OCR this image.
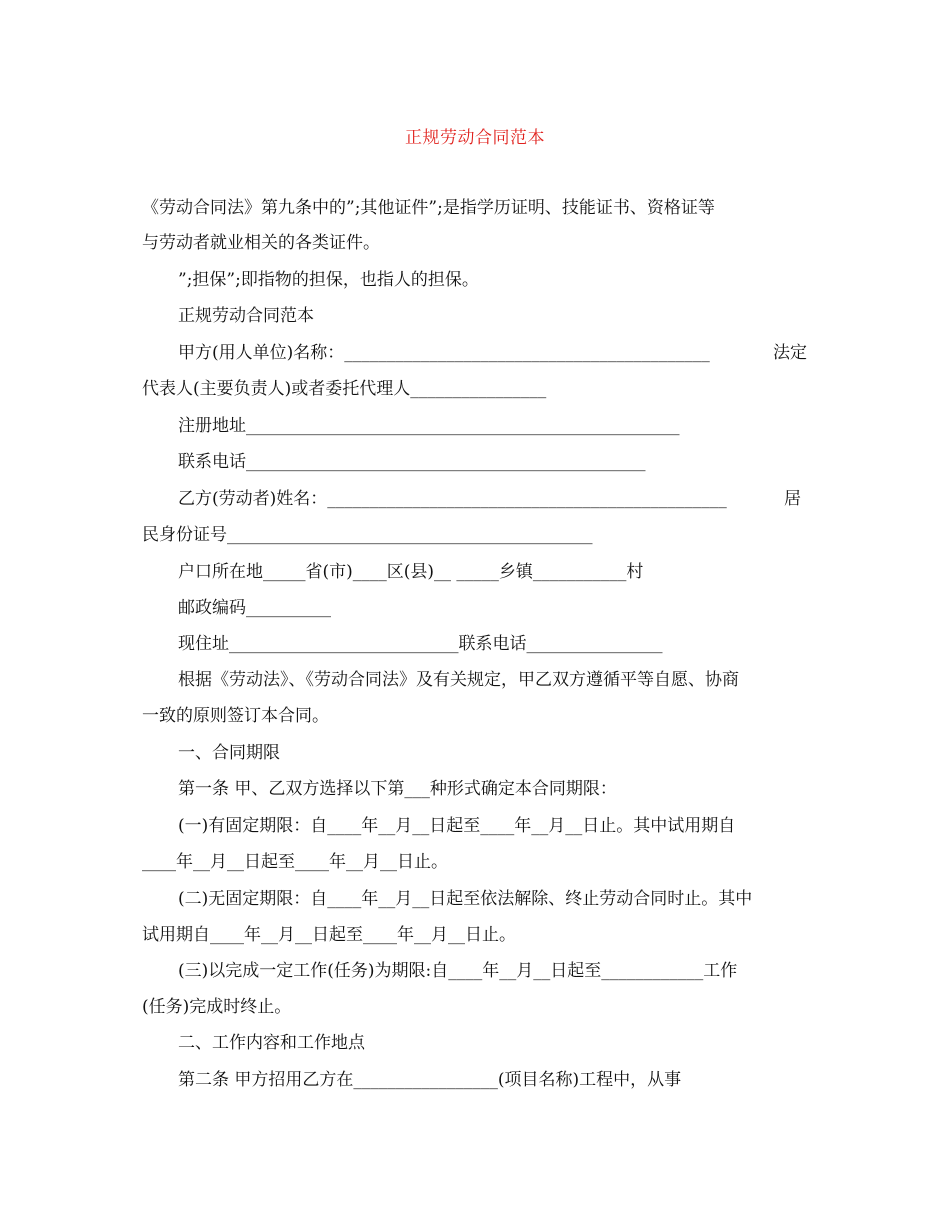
正规劳动合同范本
《劳动合同法》第九条中的”;其他证件”;是指学历证明、技能证书、资格证等
与劳动者就业相关的各类证件。
”;担保”;即指物的担保，也指人的担保。
正规劳动合同范本
甲方(用人单位)名称：___________________________________________	法定
代表人(主要负责人)或者委托代理人________________
注册地址___________________________________________________
联系电话_______________________________________________
乙方(劳动者)姓名：_______________________________________________	居
民身份证号___________________________________________
户口所在地_____省(市)____区(县)__ _____乡镇___________村
邮政编码__________
现住址___________________________联系电话________________
根据《劳动法》、《劳动合同法》及有关规定，甲乙双方遵循平等自愿、协商
一致的原则签订本合同。
一、合同期限
第一条 甲、乙双方选择以下第___种形式确定本合同期限：
(一)有固定期限：自____年__月__日起至____年__月__日止。其中试用期自
____年__月__日起至____年__月__日止。
(二)无固定期限：自____年__月__日起至依法解除、终止劳动合同时止。其中
试用期自____年__月__日起至____年__月__日止。
(三)以完成一定工作(任务)为期限:自____年__月__日起至____________工作
(任务)完成时终止。
二、工作内容和工作地点
第二条 甲方招用乙方在_________________(项目名称)工程中，从事
